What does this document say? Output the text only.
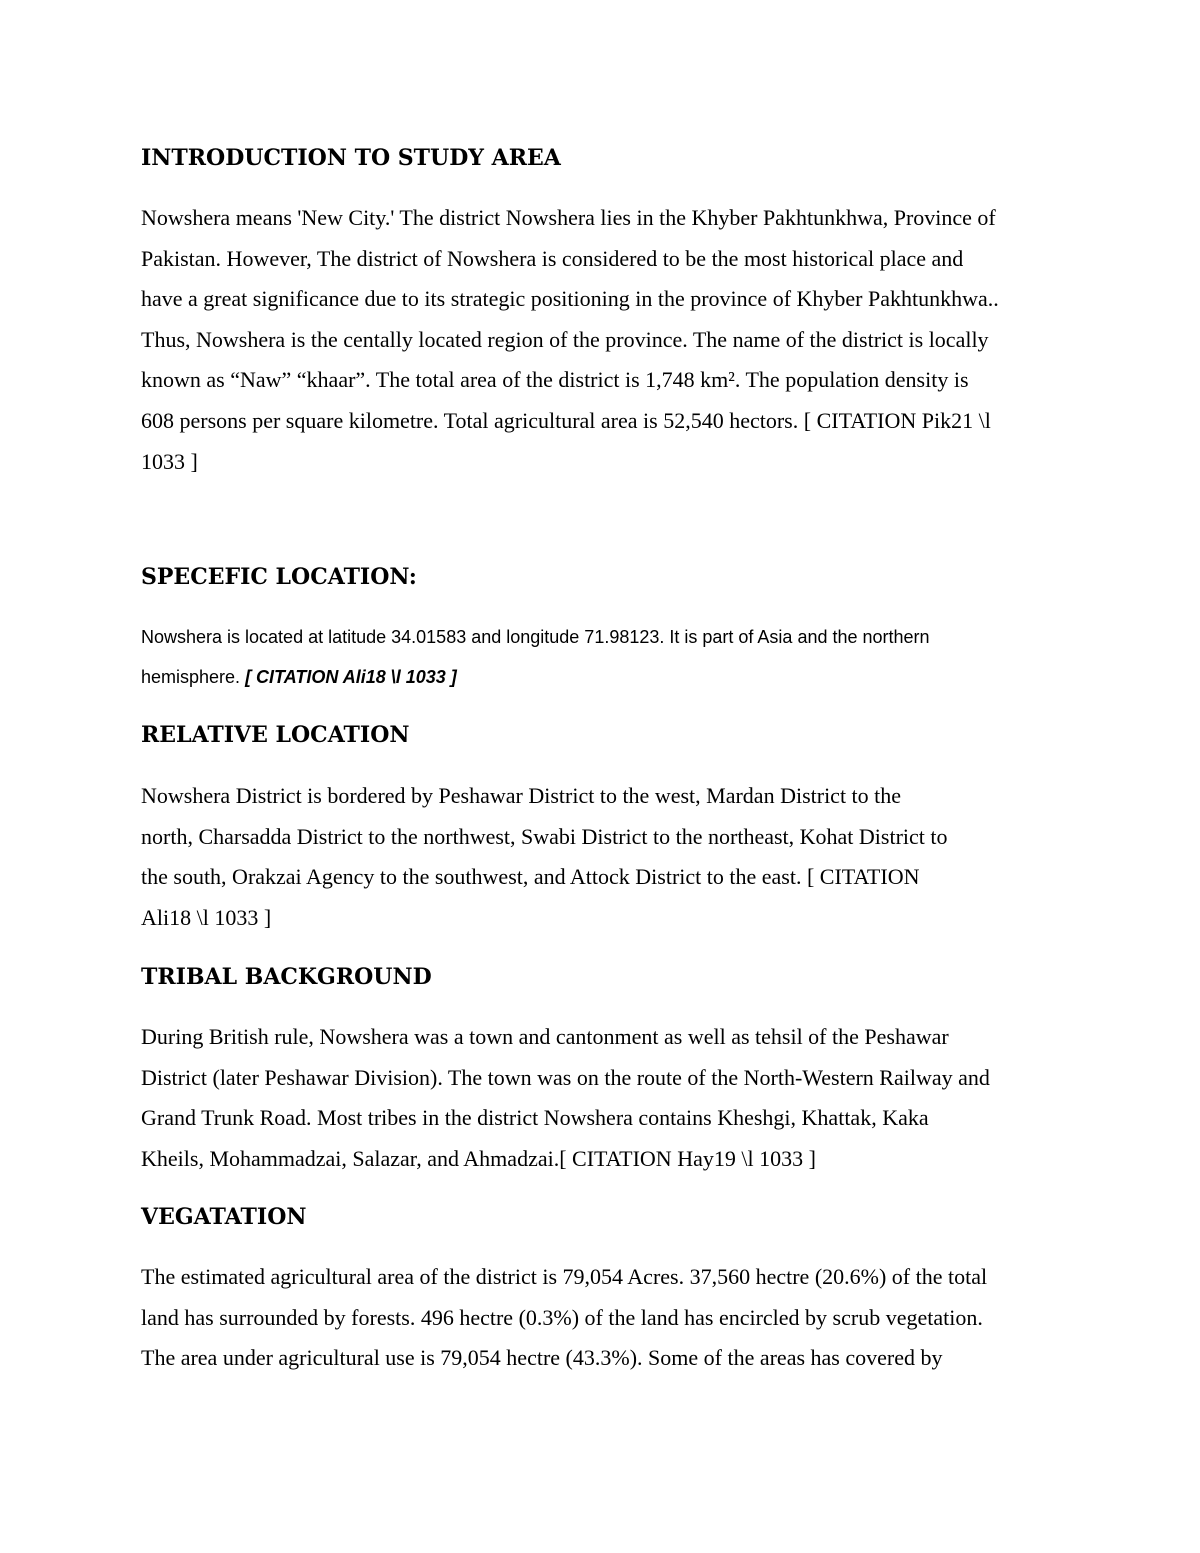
INTRODUCTION TO STUDY AREA
Nowshera means 'New City.' The district Nowshera lies in the Khyber Pakhtunkhwa, Province of
Pakistan. However, The district of Nowshera is considered to be the most historical place and
have a great significance due to its strategic positioning in the province of Khyber Pakhtunkhwa..
Thus, Nowshera is the centally located region of the province. The name of the district is locally
known as “Naw” “khaar”. The total area of the district is 1,748 km². The population density is
608 persons per square kilometre. Total agricultural area is 52,540 hectors. [ CITATION Pik21 \l
1033 ]
SPECEFIC LOCATION:
Nowshera is located at latitude 34.01583 and longitude 71.98123. It is part of Asia and the northern
hemisphere. [ CITATION Ali18 \l 1033 ]
RELATIVE LOCATION
Nowshera District is bordered by Peshawar District to the west, Mardan District to the
north, Charsadda District to the northwest, Swabi District to the northeast, Kohat District to
the south, Orakzai Agency to the southwest, and Attock District to the east. [ CITATION
Ali18 \l 1033 ]
TRIBAL BACKGROUND
During British rule, Nowshera was a town and cantonment as well as tehsil of the Peshawar
District (later Peshawar Division). The town was on the route of the North-Western Railway and
Grand Trunk Road. Most tribes in the district Nowshera contains Kheshgi, Khattak, Kaka
Kheils, Mohammadzai, Salazar, and Ahmadzai.[ CITATION Hay19 \l 1033 ]
VEGATATION
The estimated agricultural area of the district is 79,054 Acres. 37,560 hectre (20.6%) of the total
land has surrounded by forests. 496 hectre (0.3%) of the land has encircled by scrub vegetation.
The area under agricultural use is 79,054 hectre (43.3%). Some of the areas has covered by
